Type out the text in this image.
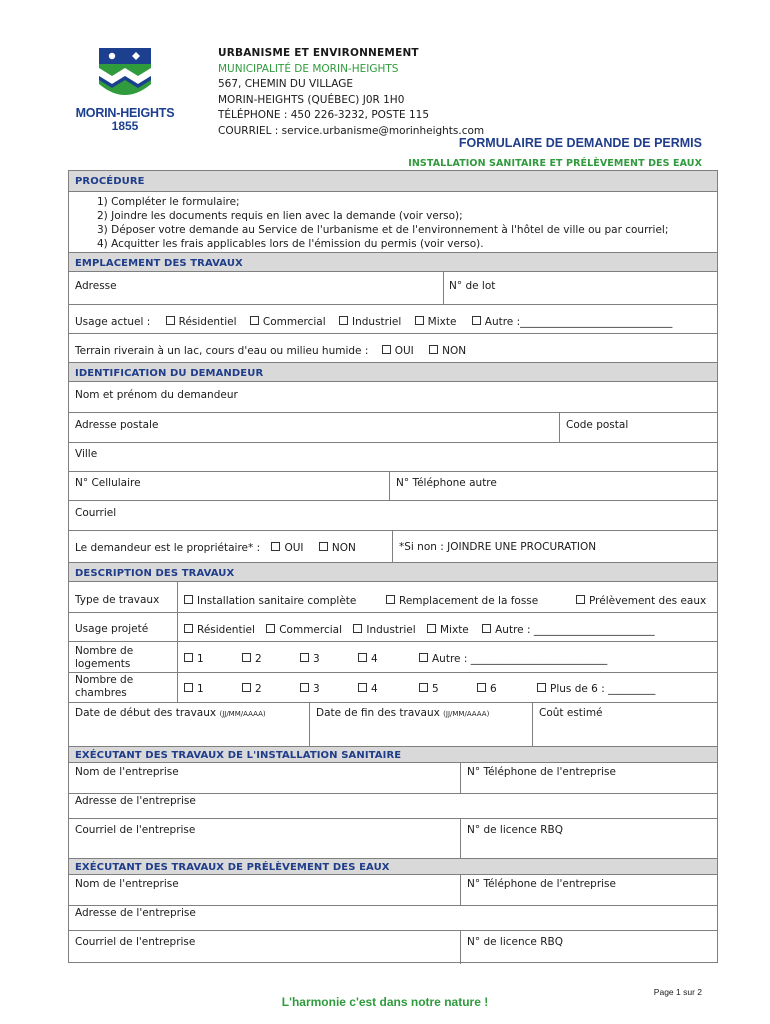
MORIN-HEIGHTS
1855
URBANISME ET ENVIRONNEMENT
MUNICIPALITÉ DE MORIN-HEIGHTS
567, CHEMIN DU VILLAGE
MORIN-HEIGHTS (QUÉBEC) J0R 1H0
TÉLÉPHONE : 450 226-3232, POSTE 115
COURRIEL : service.urbanisme@morinheights.com
FORMULAIRE DE DEMANDE DE PERMIS
INSTALLATION SANITAIRE ET PRÉLÈVEMENT DES EAUX
PROCÉDURE
1) Compléter le formulaire;
2) Joindre les documents requis en lien avec la demande (voir verso);
3) Déposer votre demande au Service de l'urbanisme et de l'environnement à l'hôtel de ville ou par courriel;
4) Acquitter les frais applicables lors de l'émission du permis (voir verso).
EMPLACEMENT DES TRAVAUX
Adresse	N° de lot
Usage actuel :	Résidentiel	Commercial	Industriel	Mixte	Autre :_____________________________
Terrain riverain à un lac, cours d'eau ou milieu humide :	OUI	NON
IDENTIFICATION DU DEMANDEUR
Nom et prénom du demandeur
Adresse postale	Code postal
Ville
N° Cellulaire	N° Téléphone autre
Courriel
Le demandeur est le propriétaire* : OUI	NON	*Si non : JOINDRE UNE PROCURATION
DESCRIPTION DES TRAVAUX
Type de travaux	Installation sanitaire complète	Remplacement de la fosse	Prélèvement des eaux
Usage projeté	Résidentiel Commercial Industriel Mixte	Autre : _______________________
Nombre de
logements	1	2	3	4	Autre : __________________________
Nombre de
chambres	1	2	3	4	5	6	Plus de 6 : _________
Date de début des travaux (JJ/MM/AAAA)	Date de fin des travaux (JJ/MM/AAAA)	Coût estimé
EXÉCUTANT DES TRAVAUX DE L'INSTALLATION SANITAIRE
Nom de l'entreprise	N° Téléphone de l'entreprise
Adresse de l'entreprise
Courriel de l'entreprise	N° de licence RBQ
EXÉCUTANT DES TRAVAUX DE PRÉLÈVEMENT DES EAUX
Nom de l'entreprise	N° Téléphone de l'entreprise
Adresse de l'entreprise
Courriel de l'entreprise	N° de licence RBQ
Page 1 sur 2
L'harmonie c'est dans notre nature !
